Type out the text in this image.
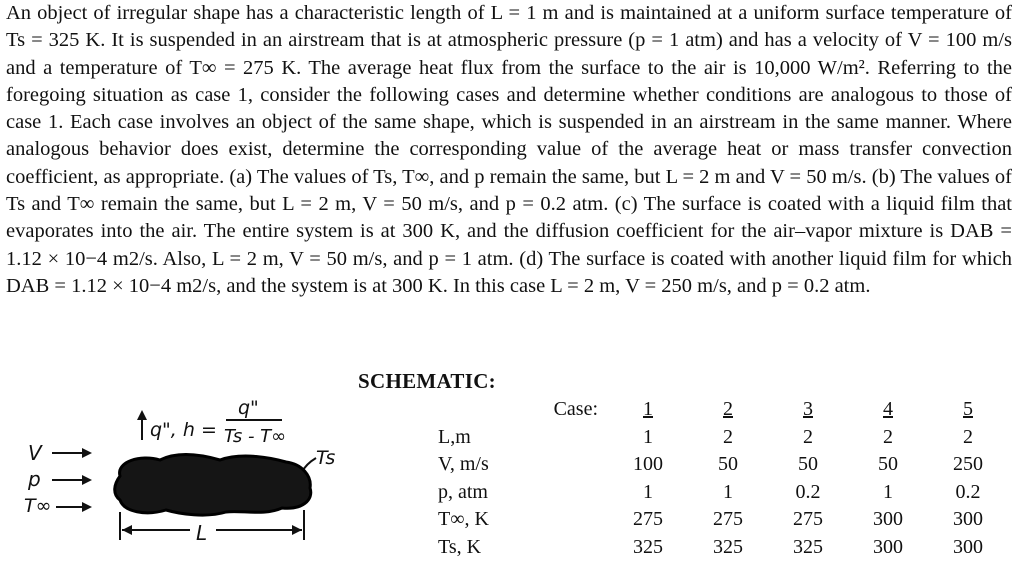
An object of irregular shape has a characteristic length of L = 1 m and is maintained at a uniform surface temperature of Ts = 325 K. It is suspended in an airstream that is at atmospheric pressure (p = 1 atm) and has a velocity of V = 100 m/s and a temperature of T∞ = 275 K. The average heat flux from the surface to the air is 10,000 W/m². Referring to the foregoing situation as case 1, consider the following cases and determine whether conditions are analogous to those of case 1. Each case involves an object of the same shape, which is suspended in an airstream in the same manner. Where analogous behavior does exist, determine the corresponding value of the average heat or mass transfer convection coefficient, as appropriate. (a) The values of Ts, T∞, and p remain the same, but L = 2 m and V = 50 m/s. (b) The values of Ts and T∞ remain the same, but L = 2 m, V = 50 m/s, and p = 0.2 atm. (c) The surface is coated with a liquid film that evaporates into the air. The entire system is at 300 K, and the diffusion coefficient for the air–vapor mixture is DAB = 1.12 × 10−4 m2/s. Also, L = 2 m, V = 50 m/s, and p = 1 atm. (d) The surface is coated with another liquid film for which DAB = 1.12 × 10−4 m2/s, and the system is at 300 K. In this case L = 2 m, V = 250 m/s, and p = 0.2 atm.

SCHEMATIC:
q", h =
q"
Ts - T∞
Ts
V
p
T∞
L
Case:	1	2	3	4	5
L,m	1	2	2	2	2
V, m/s	100	50	50	50	250
p, atm	1	1	0.2	1	0.2
T∞, K	275	275	275	300	300
Ts, K	325	325	325	300	300
